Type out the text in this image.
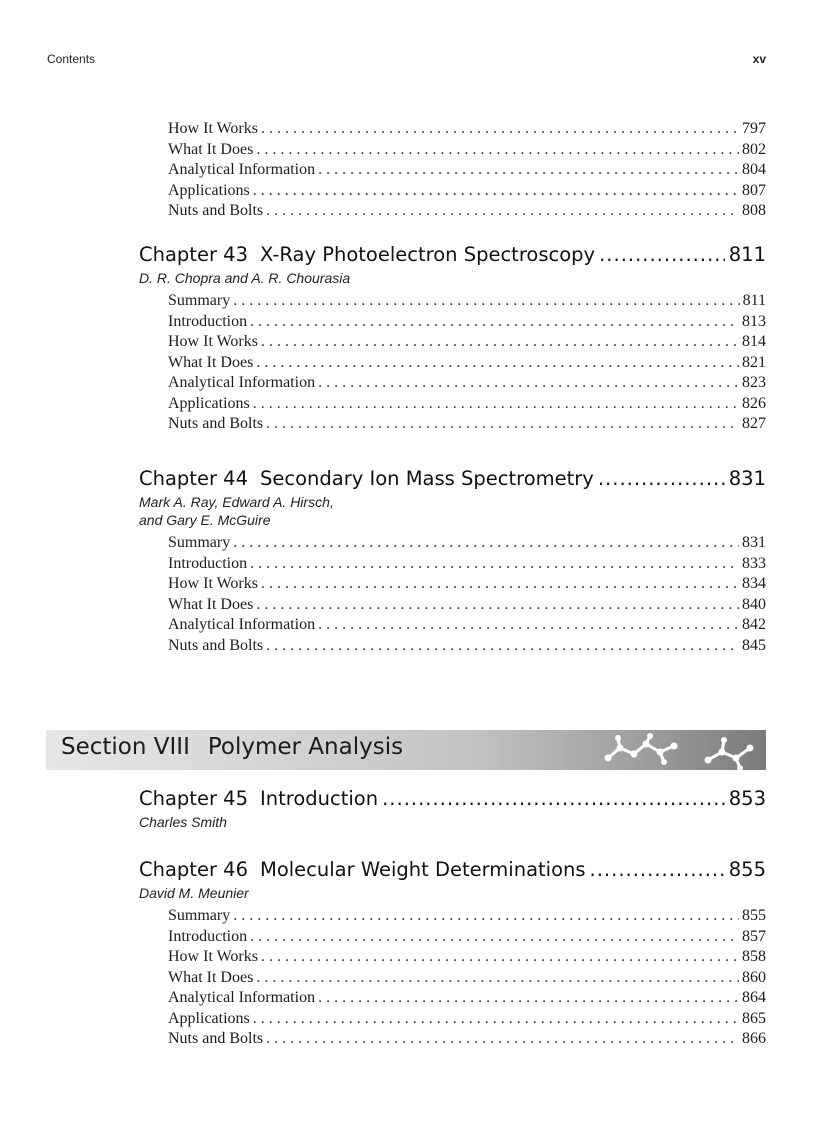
Contents	xv
How It Works . . .	797
What It Does . . .	802
Analytical Information . . .	804
Applications . . .	807
Nuts and Bolts . . .	808
Chapter 43 X-Ray Photoelectron Spectroscopy .....	811
D. R. Chopra and A. R. Chourasia
Summary . . .	811
Introduction . . .	813
How It Works . . .	814
What It Does . . .	821
Analytical Information . . .	823
Applications . . .	826
Nuts and Bolts . . .	827
Chapter 44 Secondary Ion Mass Spectrometry .....	831
Mark A. Ray, Edward A. Hirsch,
and Gary E. McGuire
Summary . . .	831
Introduction . . .	833
How It Works . . .	834
What It Does . . .	840
Analytical Information . . .	842
Nuts and Bolts . . .	845
Section VIII Polymer Analysis
Chapter 45 Introduction .....	853
Charles Smith
Chapter 46 Molecular Weight Determinations .....	855
David M. Meunier
Summary . . .	855
Introduction . . .	857
How It Works . . .	858
What It Does . . .	860
Analytical Information . . .	864
Applications . . .	865
Nuts and Bolts . . .	866
